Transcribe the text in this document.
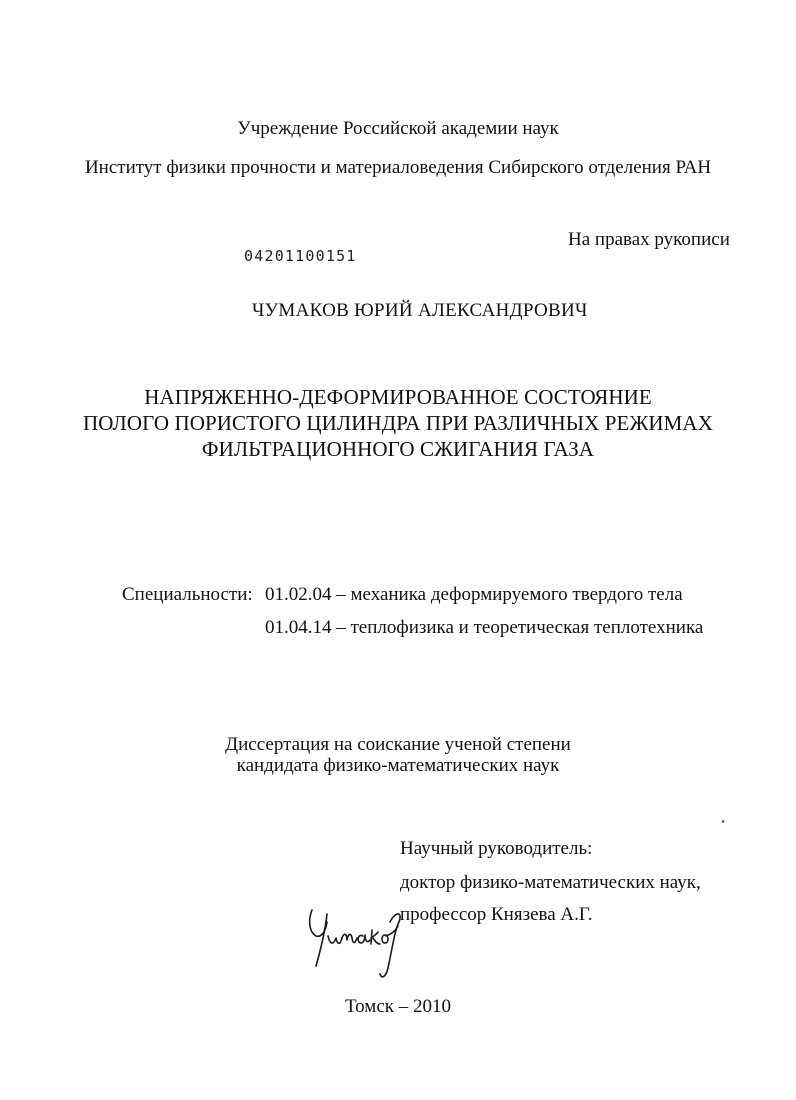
Учреждение Российской академии наук
Институт физики прочности и материаловедения Сибирского отделения РАН
На правах рукописи
04201100151
ЧУМАКОВ ЮРИЙ АЛЕКСАНДРОВИЧ
НАПРЯЖЕННО-ДЕФОРМИРОВАННОЕ СОСТОЯНИЕ
ПОЛОГО ПОРИСТОГО ЦИЛИНДРА ПРИ РАЗЛИЧНЫХ РЕЖИМАХ
ФИЛЬТРАЦИОННОГО СЖИГАНИЯ ГАЗА
Специальности: 01.02.04 – механика деформируемого твердого тела
01.04.14 – теплофизика и теоретическая теплотехника
Диссертация на соискание ученой степени
кандидата физико-математических наук
Научный руководитель:
доктор физико-математических наук,
профессор Князева А.Г.
Томск – 2010
